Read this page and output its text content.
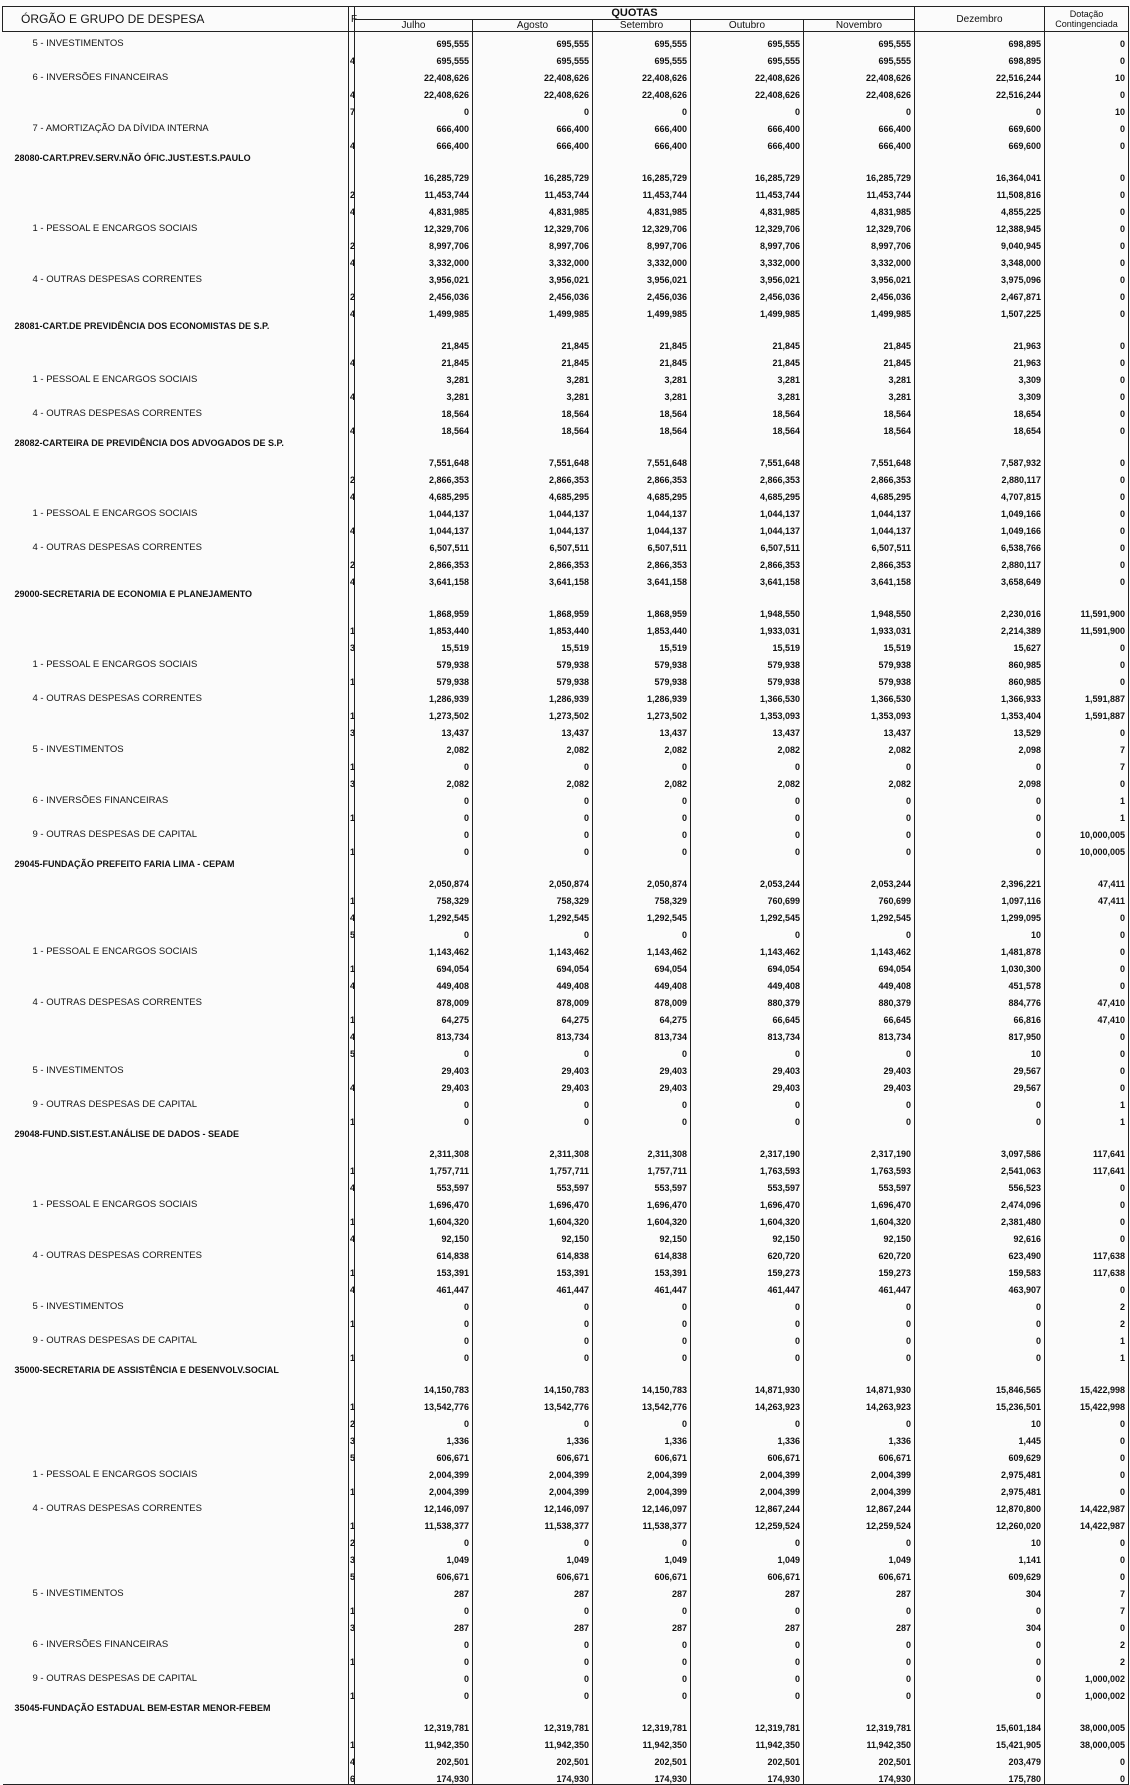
ÓRGÃO E GRUPO DE DESPESA	F	QUOTAS					Dezembro	Dotação Contingenciada
		Julho	Agosto	Setembro	Outubro	Novembro		
5 - INVESTIMENTOS		695,555	695,555	695,555	695,555	695,555	698,895	0
	4	695,555	695,555	695,555	695,555	695,555	698,895	0
6 - INVERSÕES FINANCEIRAS		22,408,626	22,408,626	22,408,626	22,408,626	22,408,626	22,516,244	10
	4	22,408,626	22,408,626	22,408,626	22,408,626	22,408,626	22,516,244	0
	7	0	0	0	0	0	0	10
7 - AMORTIZAÇÃO DA DÍVIDA INTERNA		666,400	666,400	666,400	666,400	666,400	669,600	0
	4	666,400	666,400	666,400	666,400	666,400	669,600	0
28080-CART.PREV.SERV.NÃO ÓFIC.JUST.EST.S.PAULO		16,285,729	16,285,729	16,285,729	16,285,729	16,285,729	16,364,041	0
	2	11,453,744	11,453,744	11,453,744	11,453,744	11,453,744	11,508,816	0
	4	4,831,985	4,831,985	4,831,985	4,831,985	4,831,985	4,855,225	0
1 - PESSOAL E ENCARGOS SOCIAIS		12,329,706	12,329,706	12,329,706	12,329,706	12,329,706	12,388,945	0
	2	8,997,706	8,997,706	8,997,706	8,997,706	8,997,706	9,040,945	0
	4	3,332,000	3,332,000	3,332,000	3,332,000	3,332,000	3,348,000	0
4 - OUTRAS DESPESAS CORRENTES		3,956,021	3,956,021	3,956,021	3,956,021	3,956,021	3,975,096	0
	2	2,456,036	2,456,036	2,456,036	2,456,036	2,456,036	2,467,871	0
	4	1,499,985	1,499,985	1,499,985	1,499,985	1,499,985	1,507,225	0
28081-CART.DE PREVIDÊNCIA DOS ECONOMISTAS DE S.P.		21,845	21,845	21,845	21,845	21,845	21,963	0
	4	21,845	21,845	21,845	21,845	21,845	21,963	0
1 - PESSOAL E ENCARGOS SOCIAIS		3,281	3,281	3,281	3,281	3,281	3,309	0
	4	3,281	3,281	3,281	3,281	3,281	3,309	0
4 - OUTRAS DESPESAS CORRENTES		18,564	18,564	18,564	18,564	18,564	18,654	0
	4	18,564	18,564	18,564	18,564	18,564	18,654	0
28082-CARTEIRA DE PREVIDÊNCIA DOS ADVOGADOS DE S.P.		7,551,648	7,551,648	7,551,648	7,551,648	7,551,648	7,587,932	0
	2	2,866,353	2,866,353	2,866,353	2,866,353	2,866,353	2,880,117	0
	4	4,685,295	4,685,295	4,685,295	4,685,295	4,685,295	4,707,815	0
1 - PESSOAL E ENCARGOS SOCIAIS		1,044,137	1,044,137	1,044,137	1,044,137	1,044,137	1,049,166	0
	4	1,044,137	1,044,137	1,044,137	1,044,137	1,044,137	1,049,166	0
4 - OUTRAS DESPESAS CORRENTES		6,507,511	6,507,511	6,507,511	6,507,511	6,507,511	6,538,766	0
	2	2,866,353	2,866,353	2,866,353	2,866,353	2,866,353	2,880,117	0
	4	3,641,158	3,641,158	3,641,158	3,641,158	3,641,158	3,658,649	0
29000-SECRETARIA DE ECONOMIA E PLANEJAMENTO		1,868,959	1,868,959	1,868,959	1,948,550	1,948,550	2,230,016	11,591,900
	1	1,853,440	1,853,440	1,853,440	1,933,031	1,933,031	2,214,389	11,591,900
	3	15,519	15,519	15,519	15,519	15,519	15,627	0
1 - PESSOAL E ENCARGOS SOCIAIS		579,938	579,938	579,938	579,938	579,938	860,985	0
	1	579,938	579,938	579,938	579,938	579,938	860,985	0
4 - OUTRAS DESPESAS CORRENTES		1,286,939	1,286,939	1,286,939	1,366,530	1,366,530	1,366,933	1,591,887
	1	1,273,502	1,273,502	1,273,502	1,353,093	1,353,093	1,353,404	1,591,887
	3	13,437	13,437	13,437	13,437	13,437	13,529	0
5 - INVESTIMENTOS		2,082	2,082	2,082	2,082	2,082	2,098	7
	1	0	0	0	0	0	0	7
	3	2,082	2,082	2,082	2,082	2,082	2,098	0
6 - INVERSÕES FINANCEIRAS		0	0	0	0	0	0	1
	1	0	0	0	0	0	0	1
9 - OUTRAS DESPESAS DE CAPITAL		0	0	0	0	0	0	10,000,005
	1	0	0	0	0	0	0	10,000,005
29045-FUNDAÇÃO PREFEITO FARIA LIMA - CEPAM		2,050,874	2,050,874	2,050,874	2,053,244	2,053,244	2,396,221	47,411
	1	758,329	758,329	758,329	760,699	760,699	1,097,116	47,411
	4	1,292,545	1,292,545	1,292,545	1,292,545	1,292,545	1,299,095	0
	5	0	0	0	0	0	10	0
1 - PESSOAL E ENCARGOS SOCIAIS		1,143,462	1,143,462	1,143,462	1,143,462	1,143,462	1,481,878	0
	1	694,054	694,054	694,054	694,054	694,054	1,030,300	0
	4	449,408	449,408	449,408	449,408	449,408	451,578	0
4 - OUTRAS DESPESAS CORRENTES		878,009	878,009	878,009	880,379	880,379	884,776	47,410
	1	64,275	64,275	64,275	66,645	66,645	66,816	47,410
	4	813,734	813,734	813,734	813,734	813,734	817,950	0
	5	0	0	0	0	0	10	0
5 - INVESTIMENTOS		29,403	29,403	29,403	29,403	29,403	29,567	0
	4	29,403	29,403	29,403	29,403	29,403	29,567	0
9 - OUTRAS DESPESAS DE CAPITAL		0	0	0	0	0	0	1
	1	0	0	0	0	0	0	1
29048-FUND.SIST.EST.ANÁLISE DE DADOS - SEADE		2,311,308	2,311,308	2,311,308	2,317,190	2,317,190	3,097,586	117,641
	1	1,757,711	1,757,711	1,757,711	1,763,593	1,763,593	2,541,063	117,641
	4	553,597	553,597	553,597	553,597	553,597	556,523	0
1 - PESSOAL E ENCARGOS SOCIAIS		1,696,470	1,696,470	1,696,470	1,696,470	1,696,470	2,474,096	0
	1	1,604,320	1,604,320	1,604,320	1,604,320	1,604,320	2,381,480	0
	4	92,150	92,150	92,150	92,150	92,150	92,616	0
4 - OUTRAS DESPESAS CORRENTES		614,838	614,838	614,838	620,720	620,720	623,490	117,638
	1	153,391	153,391	153,391	159,273	159,273	159,583	117,638
	4	461,447	461,447	461,447	461,447	461,447	463,907	0
5 - INVESTIMENTOS		0	0	0	0	0	0	2
	1	0	0	0	0	0	0	2
9 - OUTRAS DESPESAS DE CAPITAL		0	0	0	0	0	0	1
	1	0	0	0	0	0	0	1
35000-SECRETARIA DE ASSISTÊNCIA E DESENVOLV.SOCIAL		14,150,783	14,150,783	14,150,783	14,871,930	14,871,930	15,846,565	15,422,998
	1	13,542,776	13,542,776	13,542,776	14,263,923	14,263,923	15,236,501	15,422,998
	2	0	0	0	0	0	10	0
	3	1,336	1,336	1,336	1,336	1,336	1,445	0
	5	606,671	606,671	606,671	606,671	606,671	609,629	0
1 - PESSOAL E ENCARGOS SOCIAIS		2,004,399	2,004,399	2,004,399	2,004,399	2,004,399	2,975,481	0
	1	2,004,399	2,004,399	2,004,399	2,004,399	2,004,399	2,975,481	0
4 - OUTRAS DESPESAS CORRENTES		12,146,097	12,146,097	12,146,097	12,867,244	12,867,244	12,870,800	14,422,987
	1	11,538,377	11,538,377	11,538,377	12,259,524	12,259,524	12,260,020	14,422,987
	2	0	0	0	0	0	10	0
	3	1,049	1,049	1,049	1,049	1,049	1,141	0
	5	606,671	606,671	606,671	606,671	606,671	609,629	0
5 - INVESTIMENTOS		287	287	287	287	287	304	7
	1	0	0	0	0	0	0	7
	3	287	287	287	287	287	304	0
6 - INVERSÕES FINANCEIRAS		0	0	0	0	0	0	2
	1	0	0	0	0	0	0	2
9 - OUTRAS DESPESAS DE CAPITAL		0	0	0	0	0	0	1,000,002
	1	0	0	0	0	0	0	1,000,002
35045-FUNDAÇÃO ESTADUAL BEM-ESTAR MENOR-FEBEM		12,319,781	12,319,781	12,319,781	12,319,781	12,319,781	15,601,184	38,000,005
	1	11,942,350	11,942,350	11,942,350	11,942,350	11,942,350	15,421,905	38,000,005
	4	202,501	202,501	202,501	202,501	202,501	203,479	0
	6	174,930	174,930	174,930	174,930	174,930	175,780	0
